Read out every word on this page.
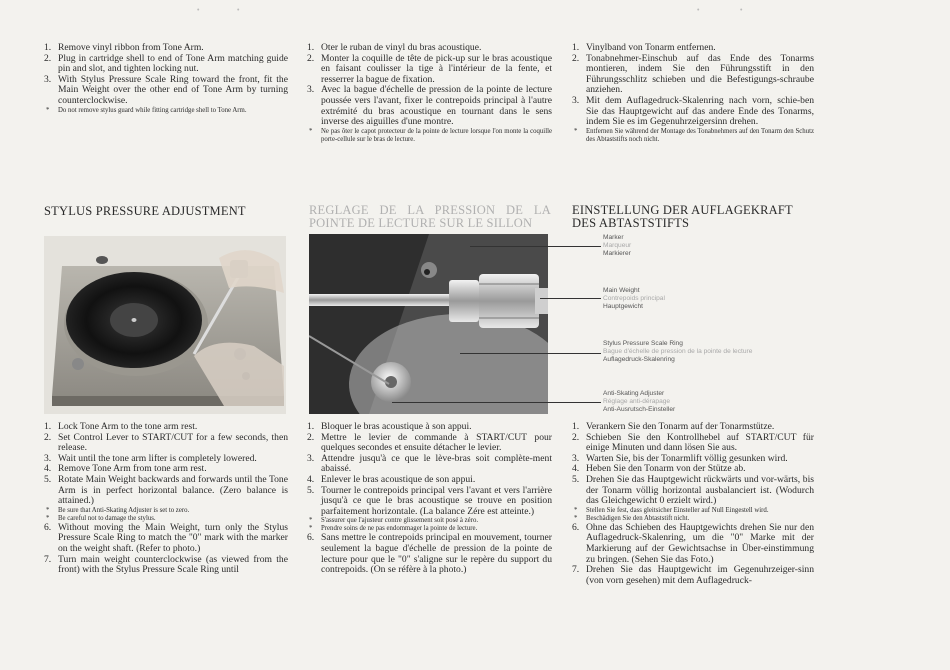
•	•	•	•
1. Remove vinyl ribbon from Tone Arm.
2. Plug in cartridge shell to end of Tone Arm matching guide pin and slot, and tighten locking nut.
3. With Stylus Pressure Scale Ring toward the front, fit the Main Weight over the other end of Tone Arm by turning counterclockwise.
* Do not remove stylus guard while fitting cartridge shell to Tone Arm.
1. Oter le ruban de vinyl du bras acoustique.
2. Monter la coquille de tête de pick-up sur le bras acoustique en faisant coulisser la tige à l'intérieur de la fente, et resserrer la bague de fixation.
3. Avec la bague d'échelle de pression de la pointe de lecture poussée vers l'avant, fixer le contrepoids principal à l'autre extrémité du bras acoustique en tournant dans le sens inverse des aiguilles d'une montre.
* Ne pas ôter le capot protecteur de la pointe de lecture lorsque l'on monte la coquille porte-cellule sur le bras de lecture.
1. Vinylband von Tonarm entfernen.
2. Tonabnehmer-Einschub auf das Ende des Tonarms montieren, indem Sie den Führungsstift in den Führungsschlitz schieben und die Befestigungs-schraube anziehen.
3. Mit dem Auflagedruck-Skalenring nach vorn, schie-ben Sie das Hauptgewicht auf das andere Ende des Tonarms, indem Sie es im Gegenuhrzeigersinn drehen.
* Entfernen Sie während der Montage des Tonabnehmers auf den Tonarm den Schutz des Abtaststifts noch nicht.
STYLUS PRESSURE ADJUSTMENT	REGLAGE DE LA PRESSION DE LA POINTE DE LECTURE SUR LE SILLON
EINSTELLUNG DER AUFLAGEKRAFT DES ABTASTSTIFTS
Marker
Marqueur
Markierer
Main Weight
Contrepoids principal
Hauptgewicht
Stylus Pressure Scale Ring
Bague d'échelle de pression de la pointe de lecture
Auflagedruck-Skalenring
Anti-Skating Adjuster
Réglage anti-dérapage
Anti-Ausrutsch-Einsteller
1. Lock Tone Arm to the tone arm rest.
2. Set Control Lever to START/CUT for a few seconds, then release.
3. Wait until the tone arm lifter is completely lowered.
4. Remove Tone Arm from tone arm rest.
5. Rotate Main Weight backwards and forwards until the Tone Arm is in perfect horizontal balance. (Zero balance is attained.)
* Be sure that Anti-Skating Adjuster is set to zero.
* Be careful not to damage the stylus.
6. Without moving the Main Weight, turn only the Stylus Pressure Scale Ring to match the "0" mark with the marker on the weight shaft. (Refer to photo.)
7. Turn main weight counterclockwise (as viewed from the front) with the Stylus Pressure Scale Ring until
1. Bloquer le bras acoustique à son appui.
2. Mettre le levier de commande à START/CUT pour quelques secondes et ensuite détacher le levier.
3. Attendre jusqu'à ce que le lève-bras soit complète-ment abaissé.
4. Enlever le bras acoustique de son appui.
5. Tourner le contrepoids principal vers l'avant et vers l'arrière jusqu'à ce que le bras acoustique se trouve en position parfaitement horizontale. (La balance Zére est atteinte.)
* S'assurer que l'ajusteur contre glissement soit posé à zéro.
* Prendre soins de ne pas endommager la pointe de lecture.
6. Sans mettre le contrepoids principal en mouvement, tourner seulement la bague d'échelle de pression de la pointe de lecture pour que le "0" s'aligne sur le repère du support du contrepoids. (On se réfère à la photo.)
1. Verankern Sie den Tonarm auf der Tonarmstütze.
2. Schieben Sie den Kontrollhebel auf START/CUT für einige Minuten und dann lösen Sie aus.
3. Warten Sie, bis der Tonarmlift völlig gesunken wird.
4. Heben Sie den Tonarm von der Stütze ab.
5. Drehen Sie das Hauptgewicht rückwärts und vor-wärts, bis der Tonarm völlig horizontal ausbalanciert ist. (Wodurch das Gleichgewicht 0 erzielt wird.)
* Stellen Sie fest, dass gleitsicher Einsteller auf Null Eingestell wird.
* Beschädigen Sie den Abtaststift nicht.
6. Ohne das Schieben des Hauptgewichts drehen Sie nur den Auflagedruck-Skalenring, um die "0" Marke mit der Markierung auf der Gewichtsachse in Über-einstimmung zu bringen. (Sehen Sie das Foto.)
7. Drehen Sie das Hauptgewicht im Gegenuhrzeiger-sinn (von vorn gesehen) mit dem Auflagedruck-
